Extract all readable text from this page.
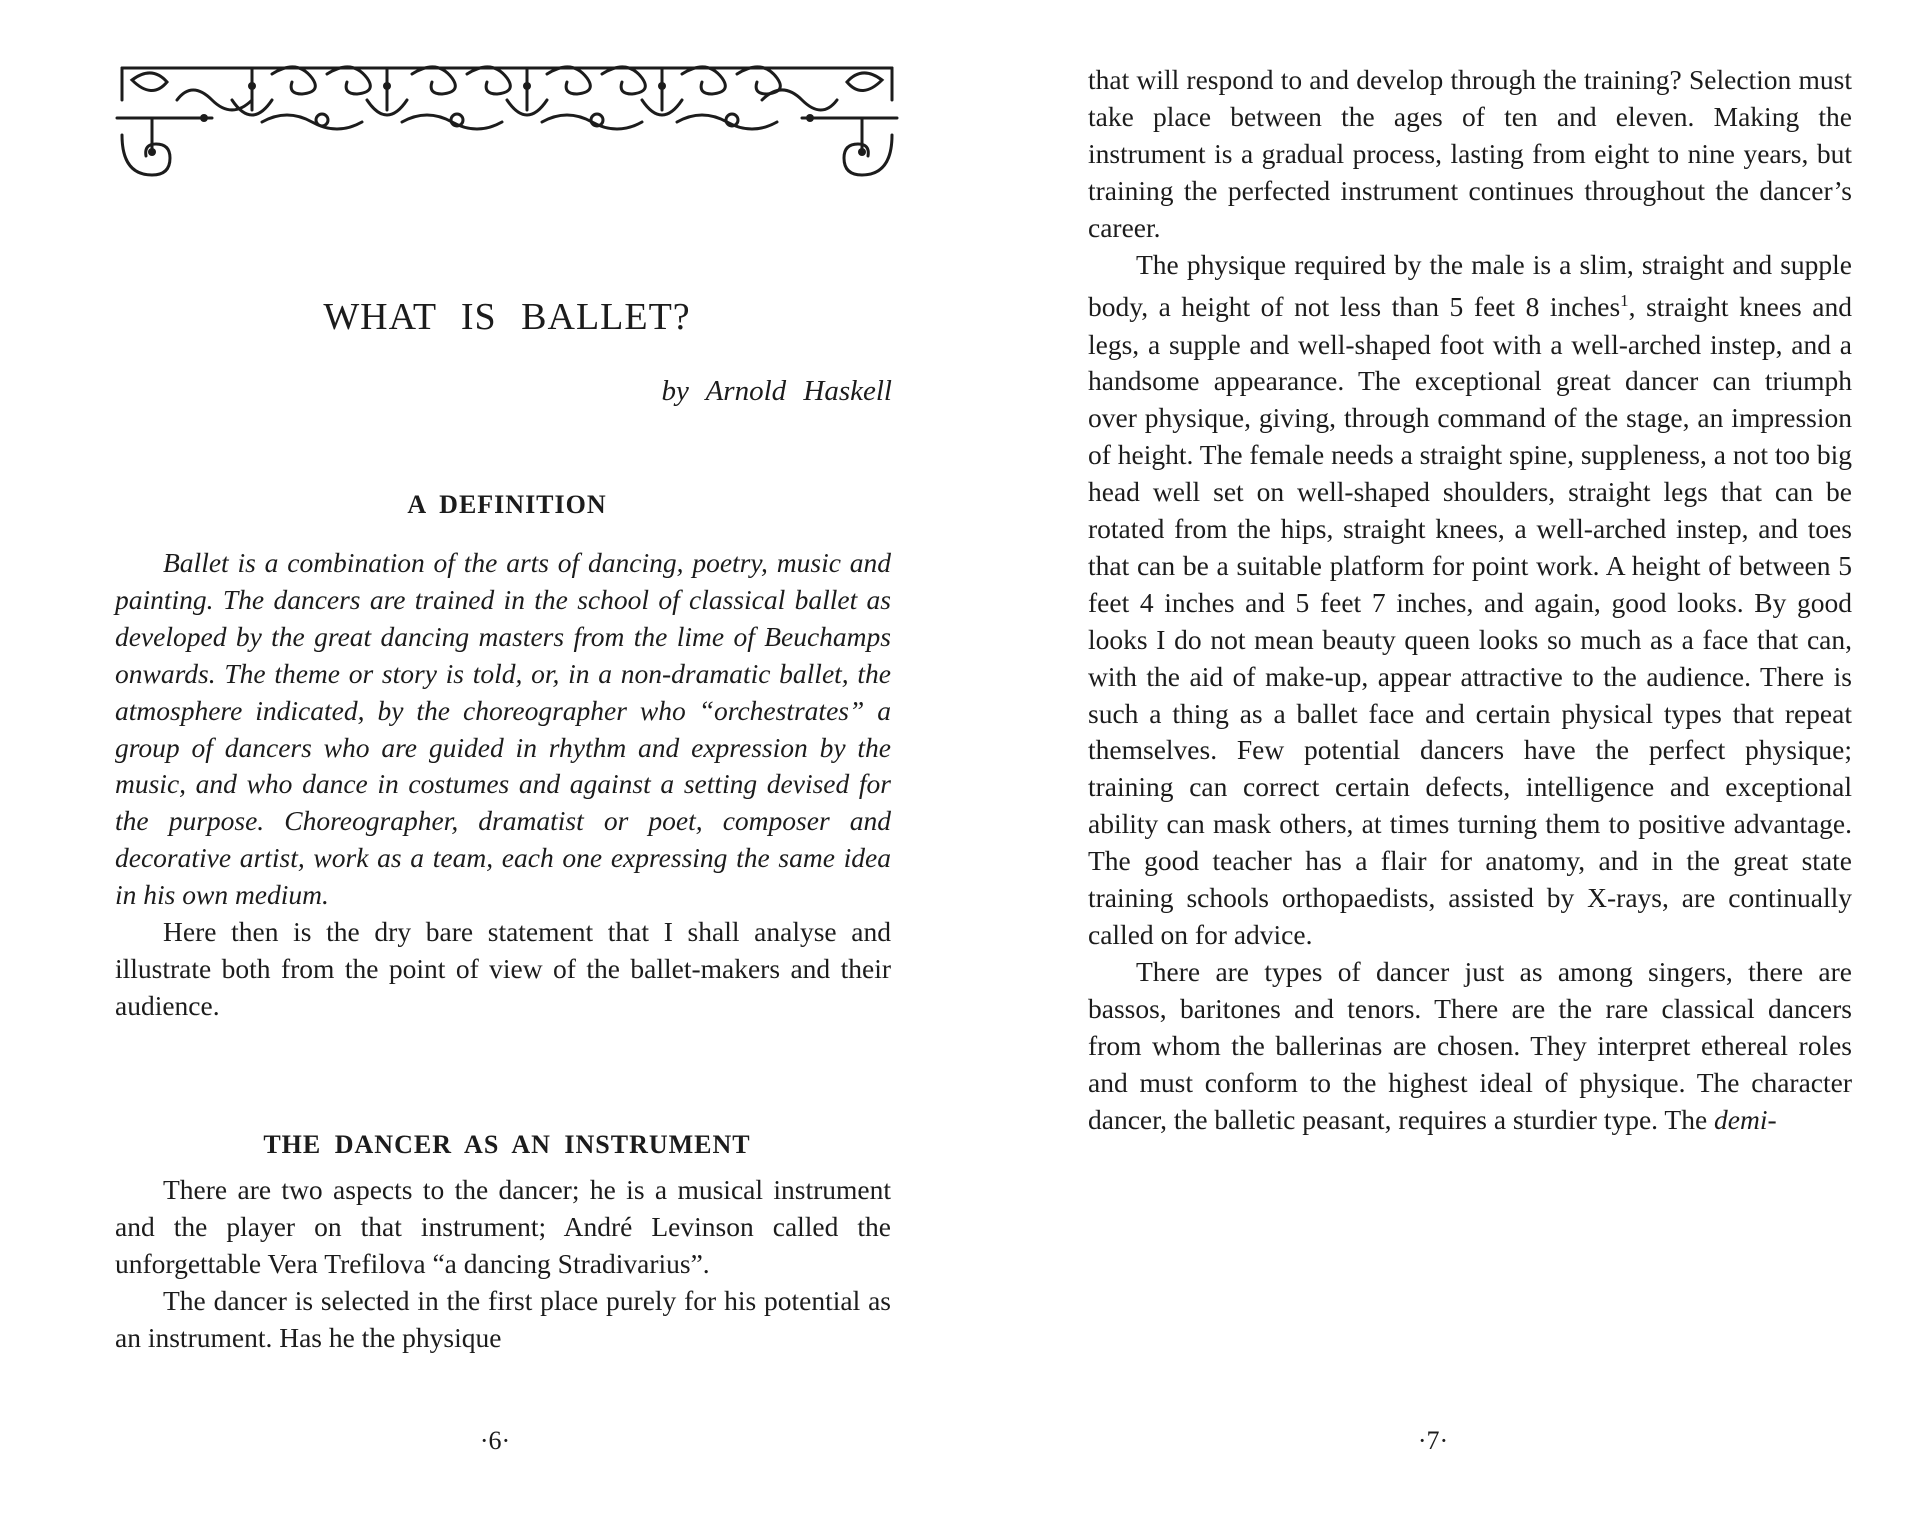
WHAT IS BALLET?
by Arnold Haskell
A DEFINITION

Ballet is a combination of the arts of dancing, poetry, music and painting. The dancers are trained in the school of classical ballet as developed by the great dancing masters from the lime of Beuchamps onwards. The theme or story is told, or, in a non-dramatic ballet, the atmosphere indicated, by the choreographer who “orchestrates” a group of dancers who are guided in rhythm and expression by the music, and who dance in costumes and against a setting devised for the purpose. Choreographer, dramatist or poet, composer and decorative artist, work as a team, each one expressing the same idea in his own medium.

Here then is the dry bare statement that I shall analyse and illustrate both from the point of view of the ballet-makers and their audience.

THE DANCER AS AN INSTRUMENT

There are two aspects to the dancer; he is a musical instrument and the player on that instrument; André Levinson called the unforgettable Vera Trefilova “a dancing Stradivarius”.

The dancer is selected in the first place purely for his potential as an instrument. Has he the physique

·6·

that will respond to and develop through the training? Selection must take place between the ages of ten and eleven. Making the instrument is a gradual process, lasting from eight to nine years, but training the perfected instrument continues throughout the dancer’s career.

The physique required by the male is a slim, straight and supple body, a height of not less than 5 feet 8 inches$^1$, straight knees and legs, a supple and well-shaped foot with a well-arched instep, and a handsome appearance. The exceptional great dancer can triumph over physique, giving, through command of the stage, an impression of height. The female needs a straight spine, suppleness, a not too big head well set on well-shaped shoulders, straight legs that can be rotated from the hips, straight knees, a well-arched instep, and toes that can be a suitable platform for point work. A height of between 5 feet 4 inches and 5 feet 7 inches, and again, good looks. By good looks I do not mean beauty queen looks so much as a face that can, with the aid of make-up, appear attractive to the audience. There is such a thing as a ballet face and certain physical types that repeat themselves. Few potential dancers have the perfect physique; training can correct certain defects, intelligence and exceptional ability can mask others, at times turning them to positive advantage. The good teacher has a flair for anatomy, and in the great state training schools orthopaedists, assisted by X-rays, are continually called on for advice.

There are types of dancer just as among singers, there are bassos, baritones and tenors. There are the rare classical dancers from whom the ballerinas are chosen. They interpret ethereal roles and must conform to the highest ideal of physique. The character dancer, the balletic peasant, requires a sturdier type. The demi-

·7·
